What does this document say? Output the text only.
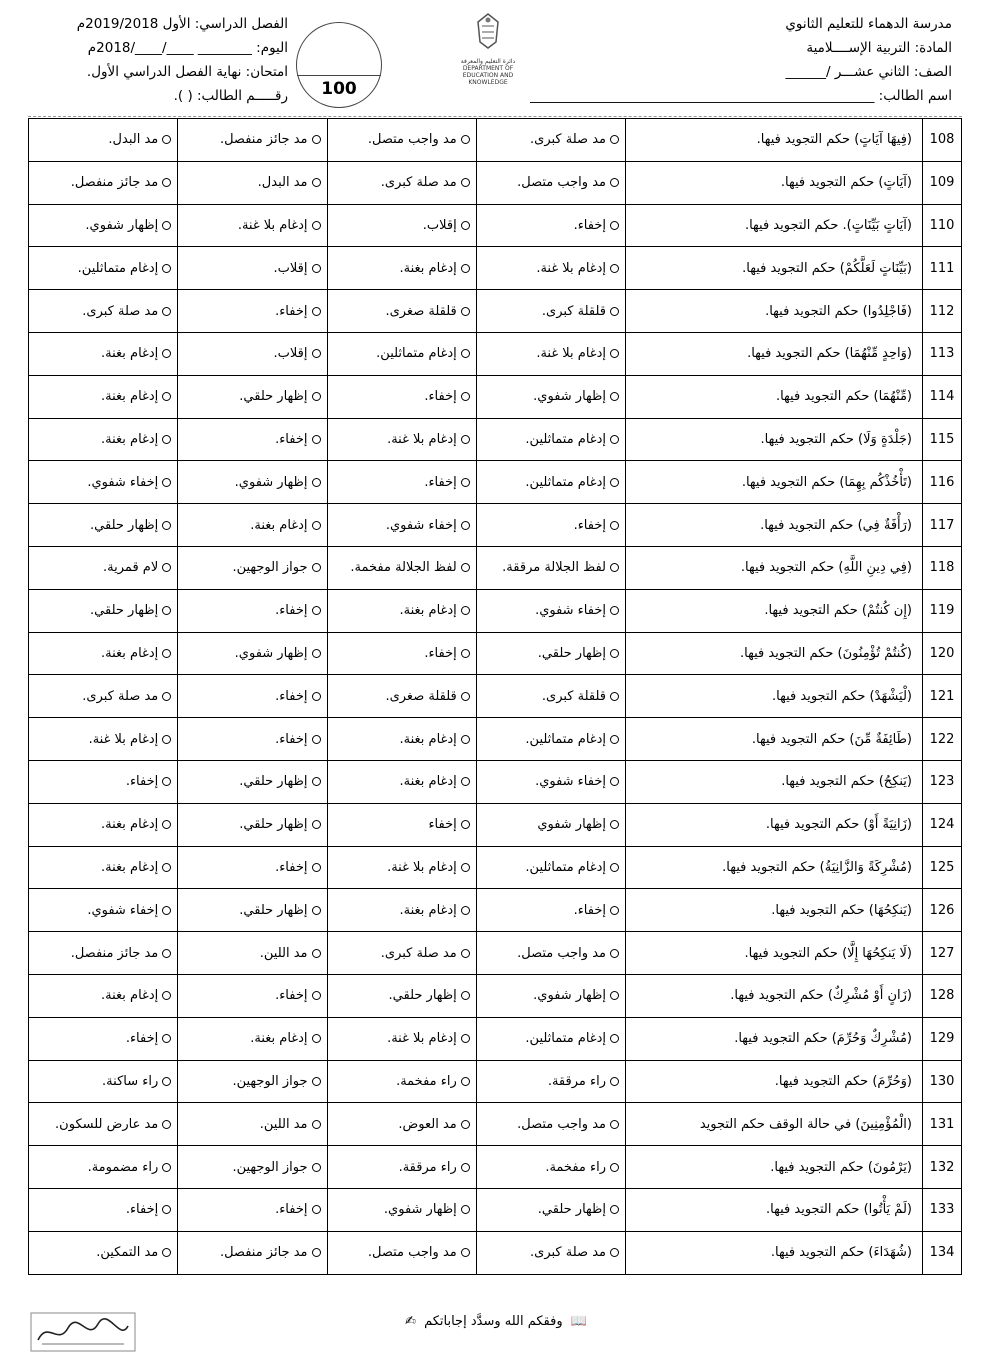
مدرسة الدهماء للتعليم الثانوي
المادة: التربية الإســــلامية
الصف: الثاني عشـــر /______
اسم الطالب: ___________________________________________________
دائرة التعليم والمعرفة
DEPARTMENT OF EDUCATION AND KNOWLEDGE
100
الفصل الدراسي: الأول 2019/2018م
اليوم: ________ ____/____/2018م
امتحان: نهاية الفصل الدراسي الأول.
رقـــــم الطالب: ( ).
108	(فِيهَا آيَاتٍ) حكم التجويد فيها.	مد صلة كبرى.	مد واجب متصل.	مد جائز منفصل.	مد البدل.
109	(آيَاتٍ) حكم التجويد فيها.	مد واجب متصل.	مد صلة كبرى.	مد البدل.	مد جائز منفصل.
110	(آيَاتٍ بَيِّنَاتٍ). حكم التجويد فيها.	إخفاء.	إقلاب.	إدغام بلا غنة.	إظهار شفوي.
111	(بَيِّنَاتٍ لَعَلَّكُمْ) حكم التجويد فيها.	إدغام بلا غنة.	إدغام بغنة.	إقلاب.	إدغام متماثلين.
112	(فَاجْلِدُوا) حكم التجويد فيها.	قلقلة كبرى.	قلقلة صغرى.	إخفاء.	مد صلة كبرى.
113	(وَاحِدٍ مِّنْهُمَا) حكم التجويد فيها.	إدغام بلا غنة.	إدغام متماثلين.	إقلاب.	إدغام بغنة.
114	(مِّنْهُمَا) حكم التجويد فيها.	إظهار شفوي.	إخفاء.	إظهار حلقي.	إدغام بغنة.
115	(جَلْدَةٍ وَلَا) حكم التجويد فيها.	إدغام متماثلين.	إدغام بلا غنة.	إخفاء.	إدغام بغنة.
116	(تَأْخُذْكُم بِهِمَا) حكم التجويد فيها.	إدغام متماثلين.	إخفاء.	إظهار شفوي.	إخفاء شفوي.
117	(رَأْفَةٌ فِي) حكم التجويد فيها.	إخفاء.	إخفاء شفوي.	إدغام بغنة.	إظهار حلقي.
118	(فِي دِينِ اللَّهِ) حكم التجويد فيها.	لفظ الجلالة مرققة.	لفظ الجلالة مفخمة.	جواز الوجهين.	لام قمرية.
119	(إِن كُنتُمْ) حكم التجويد فيها.	إخفاء شفوي.	إدغام بغنة.	إخفاء.	إظهار حلقي.
120	(كُنتُمْ تُؤْمِنُونَ) حكم التجويد فيها.	إظهار حلقي.	إخفاء.	إظهار شفوي.	إدغام بغنة.
121	(لْيَشْهَدْ) حكم التجويد فيها.	قلقلة كبرى.	قلقلة صغرى.	إخفاء.	مد صلة كبرى.
122	(طَائِفَةٌ مِّنَ) حكم التجويد فيها.	إدغام متماثلين.	إدغام بغنة.	إخفاء.	إدغام بلا غنة.
123	(يَنكِحُ) حكم التجويد فيها.	إخفاء شفوي.	إدغام بغنة.	إظهار حلقي.	إخفاء.
124	(زَانِيَةً أَوْ) حكم التجويد فيها.	إظهار شفوي	إخفاء	إظهار حلقي.	إدغام بغنة.
125	(مُشْرِكَةً وَالزَّانِيَةُ) حكم التجويد فيها.	إدغام متماثلين.	إدغام بلا غنة.	إخفاء.	إدغام بغنة.
126	(يَنكِحُهَا) حكم التجويد فيها.	إخفاء.	إدغام بغنة.	إظهار حلقي.	إخفاء شفوي.
127	(لَا يَنكِحُهَا إِلَّا) حكم التجويد فيها.	مد واجب متصل.	مد صلة كبرى.	مد اللين.	مد جائز منفصل.
128	(زَانٍ أَوْ مُشْرِكٌ) حكم التجويد فيها.	إظهار شفوي.	إظهار حلقي.	إخفاء.	إدغام بغنة.
129	(مُشْرِكٌ وَحُرِّمَ) حكم التجويد فيها.	إدغام متماثلين.	إدغام بلا غنة.	إدغام بغنة.	إخفاء.
130	(وَحُرِّمَ) حكم التجويد فيها.	راء مرققة.	راء مفخمة.	جواز الوجهين.	راء ساكنة.
131	(الْمُؤْمِنِينَ) في حالة الوقف حكم التجويد	مد واجب متصل.	مد العوض.	مد اللين.	مد عارض للسكون.
132	(يَرْمُونَ) حكم التجويد فيها.	راء مفخمة.	راء مرققة.	جواز الوجهين.	راء مضمومة.
133	(لَمْ يَأْتُوا) حكم التجويد فيها.	إظهار حلقي.	إظهار شفوي.	إخفاء.	إخفاء.
134	(شُهَدَاءَ) حكم التجويد فيها.	مد صلة كبرى.	مد واجب متصل.	مد جائز منفصل.	مد التمكين.
📖 وفقكم الله وسدَّد إجاباتكم ✍
